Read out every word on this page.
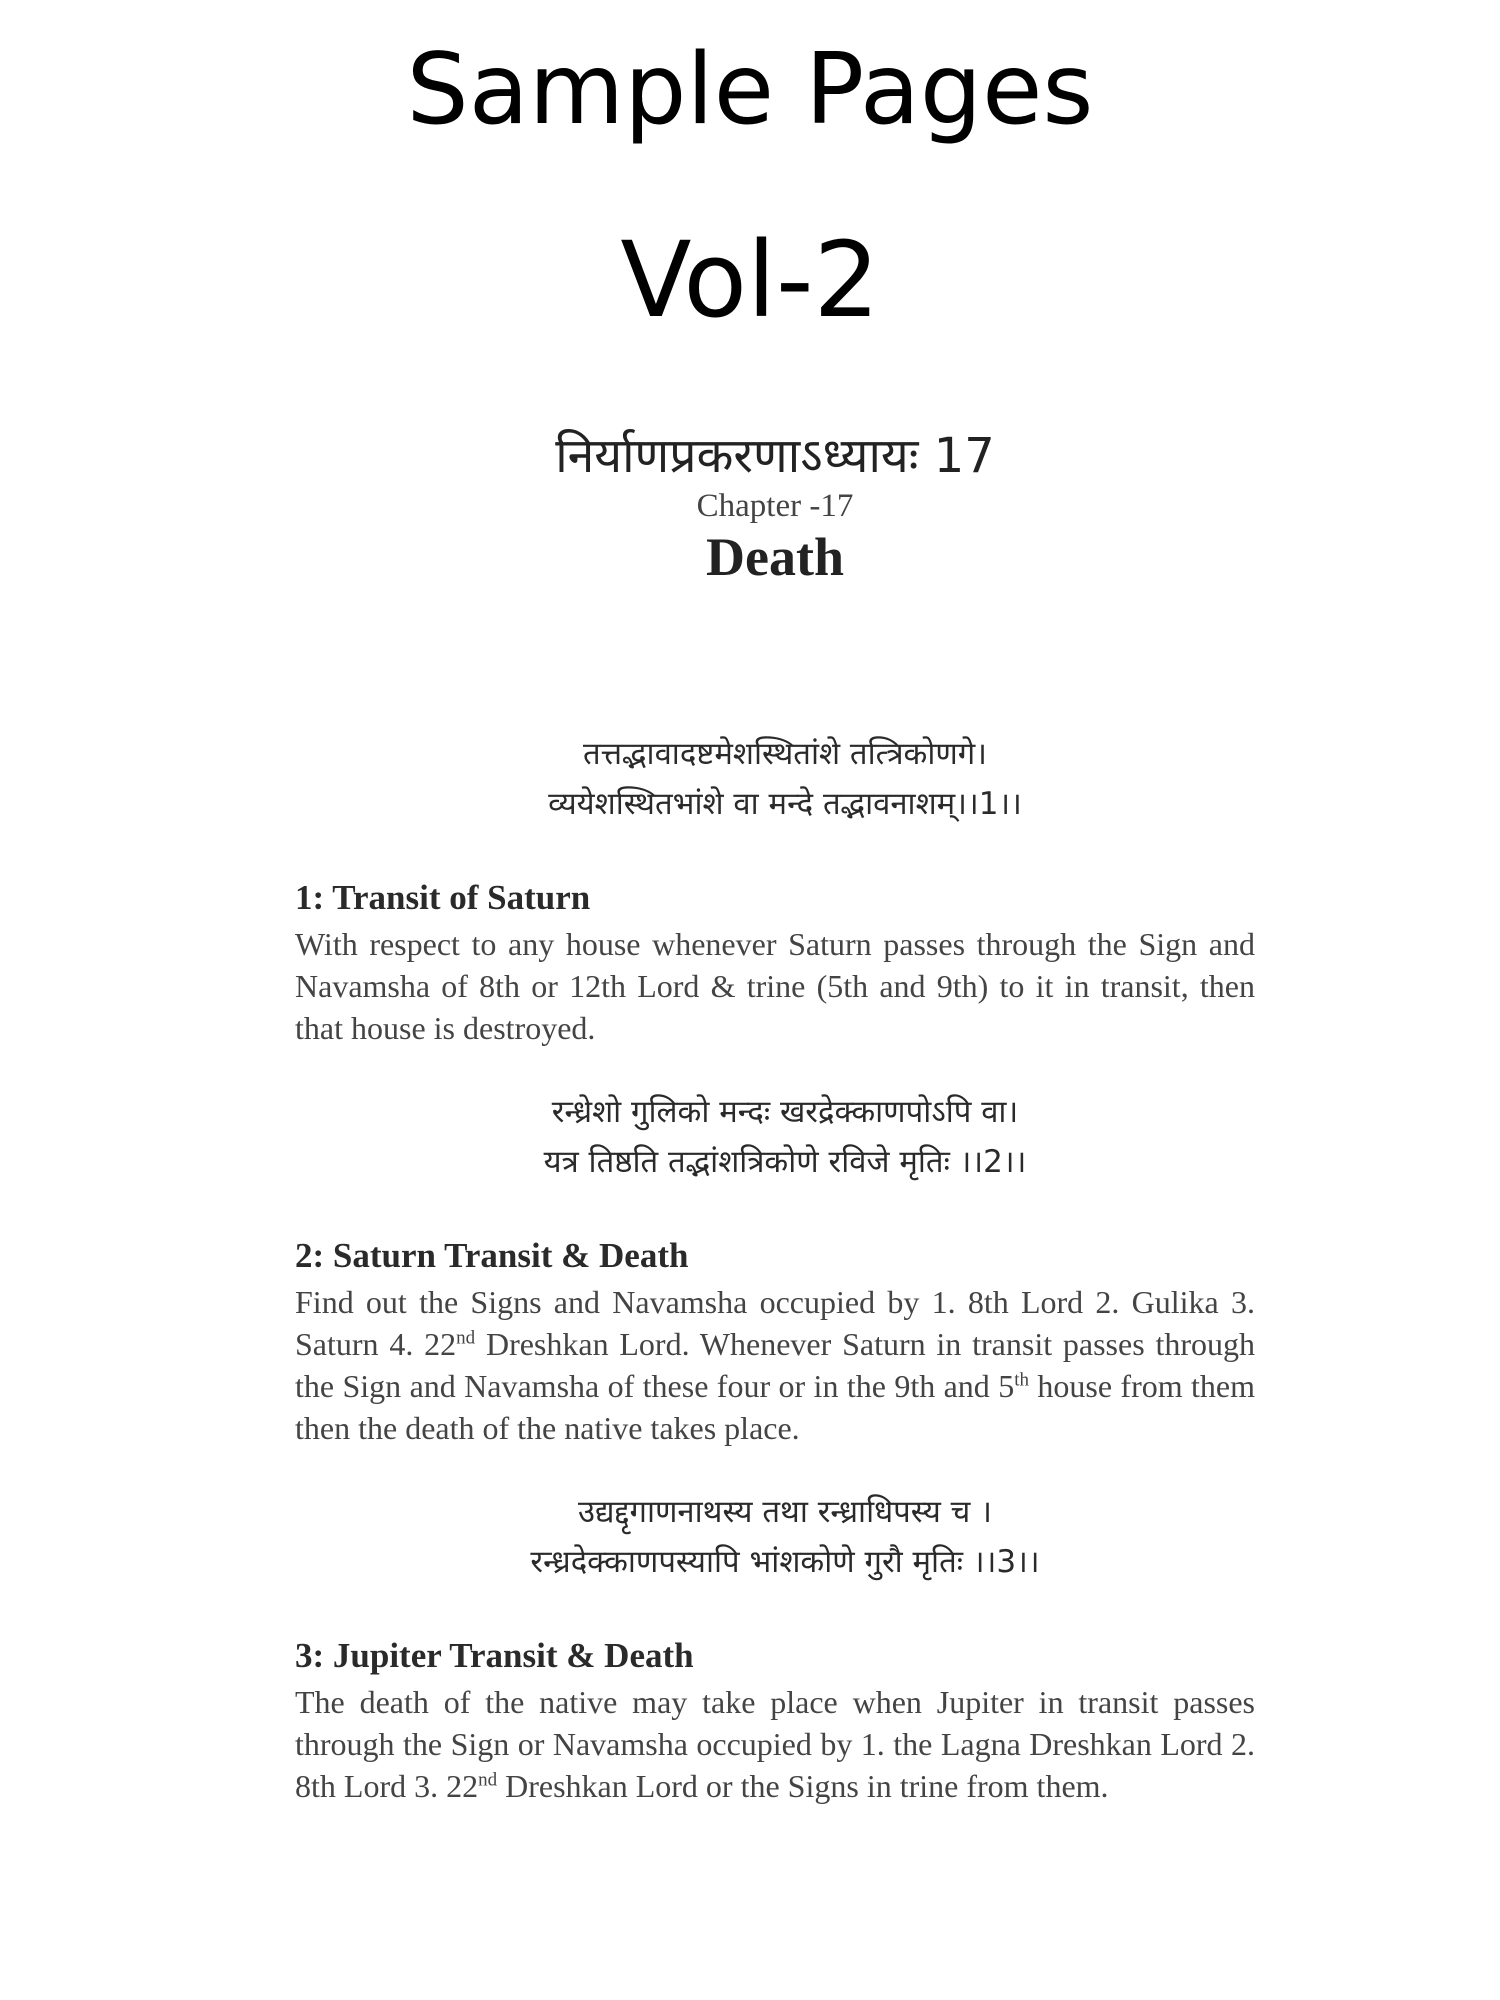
Sample Pages
Vol-2
निर्याणप्रकरणाऽध्यायः 17
Chapter -17
Death
तत्तद्भावादष्टमेशस्थितांशे तत्त्रिकोणगे।
व्ययेशस्थितभांशे वा मन्दे तद्भावनाशम्।।1।।
1: Transit of Saturn

With respect to any house whenever Saturn passes through the Sign and Navamsha of 8th or 12th Lord & trine (5th and 9th) to it in transit, then that house is destroyed.

रन्ध्रेशो गुलिको मन्दः खरद्रेक्काणपोऽपि वा।
यत्र तिष्ठति तद्भांशत्रिकोणे रविजे मृतिः ।।2।।
2: Saturn Transit & Death

Find out the Signs and Navamsha occupied by 1. 8th Lord 2. Gulika 3. Saturn 4. 22nd Dreshkan Lord. Whenever Saturn in transit passes through the Sign and Navamsha of these four or in the 9th and 5th house from them then the death of the native takes place.

उद्यद्दृगाणनाथस्य तथा रन्ध्राधिपस्य च ।
रन्ध्रदेक्काणपस्यापि भांशकोणे गुरौ मृतिः ।।3।।
3: Jupiter Transit & Death

The death of the native may take place when Jupiter in transit passes through the Sign or Navamsha occupied by 1. the Lagna Dreshkan Lord 2. 8th Lord 3. 22nd Dreshkan Lord or the Signs in trine from them.
